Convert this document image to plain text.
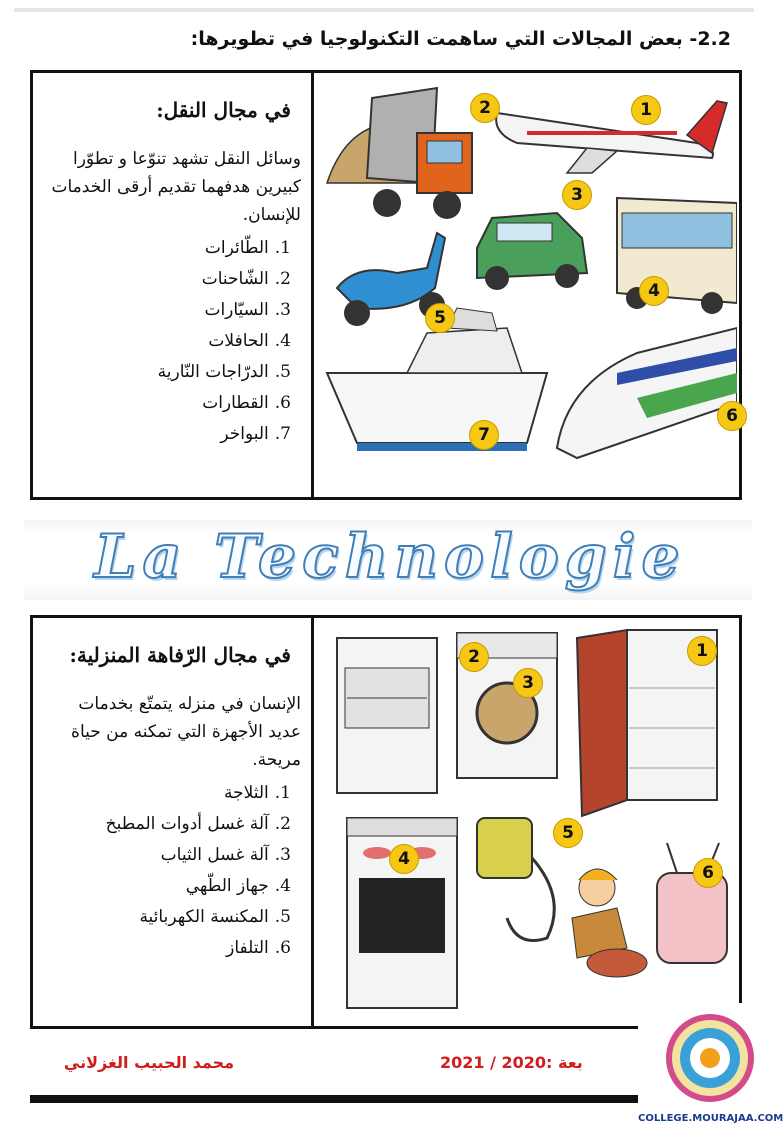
2.2- بعض المجالات التي ساهمت التكنولوجيا في تطويرها:
في مجال النقل:
وسائل النقل تشهد تنوّعا و تطوّرا كبيرين هدفهما تقديم أرقى الخدمات للإنسان.
1.الطّائرات
2.الشّاحنات
3.السيّارات
4.الحافلات
5.الدرّاجات النّارية
6.القطارات
7.البواخر
1
2
3
4
5
6
7
La Technologie
في مجال الرّفاهة المنزلية:
الإنسان في منزله يتمتّع بخدمات عديد الأجهزة التي تمكنه من حياة مريحة.
1.الثلاجة
2.آلة غسل أدوات المطبخ
3.آلة غسل الثياب
4.جهاز الطّهي
5.المكنسة الكهربائية
6.التلفاز
1
2
3
4
5
6
محمد الحبيب الغزلاني	بعة :2020 / 2021
COLLEGE.MOURAJAA.COM
